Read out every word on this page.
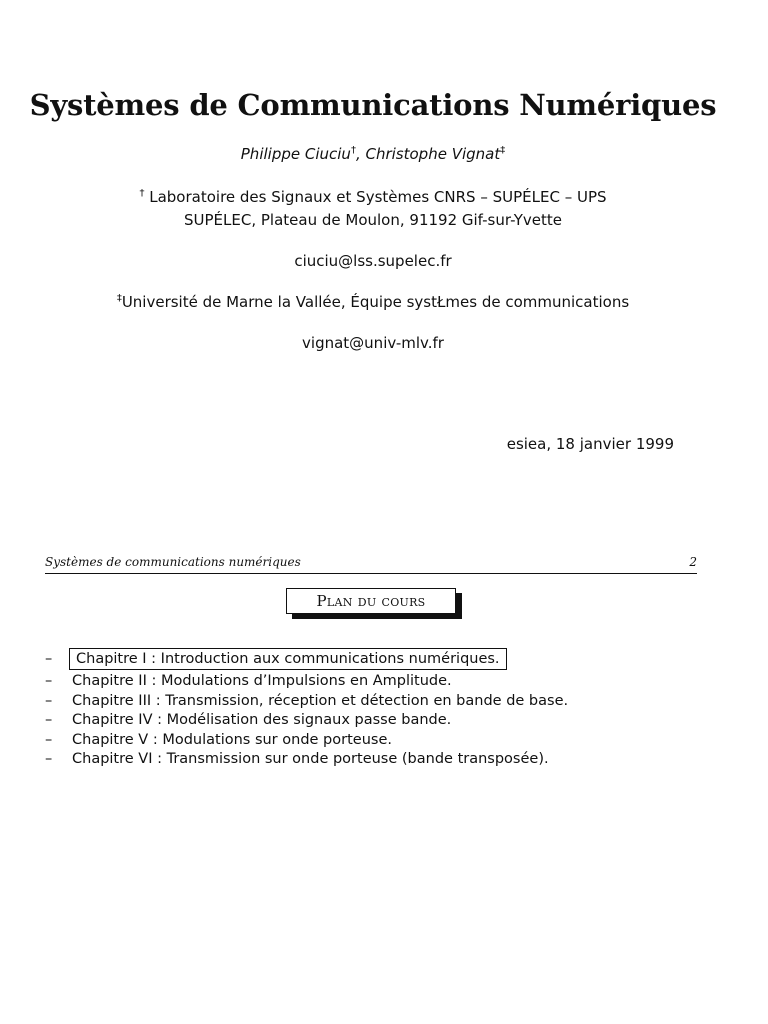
Systèmes de Communications Numériques
Philippe Ciuciu†, Christophe Vignat‡
† Laboratoire des Signaux et Systèmes CNRS – SUPÉLEC – UPS
SUPÉLEC, Plateau de Moulon, 91192 Gif-sur-Yvette
ciuciu@lss.supelec.fr
‡Université de Marne la Vallée, Équipe systŁmes de communications
vignat@univ-mlv.fr
esiea, 18 janvier 1999
Systèmes de communications numériques	2
Plan du cours
– Chapitre I : Introduction aux communications numériques.
– Chapitre II : Modulations d’Impulsions en Amplitude.
– Chapitre III : Transmission, réception et détection en bande de base.
– Chapitre IV : Modélisation des signaux passe bande.
– Chapitre V : Modulations sur onde porteuse.
– Chapitre VI : Transmission sur onde porteuse (bande transposée).
